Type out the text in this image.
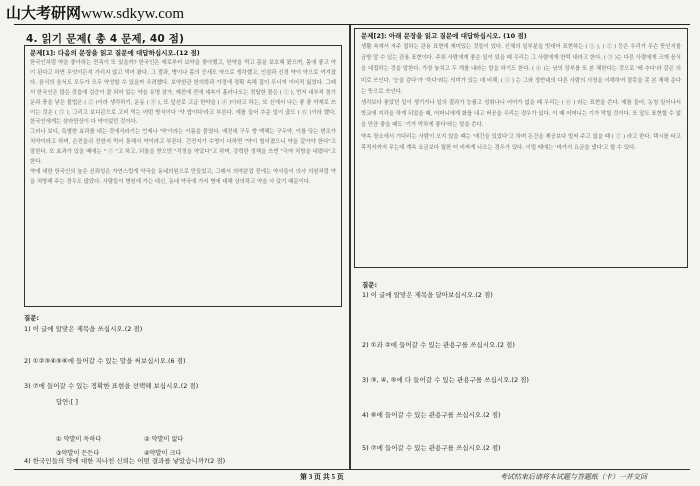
山大考研网www.sdkyw.com
4. 읽기 문제( 총 4 문제, 40 점)
문제[1]: 다음의 문장을 읽고 질문에 대답하십시오.(12 점)

한국인처럼 약을 좋아하는 민족이 또 있을까? 한국인은 예로부터 보약을 좋아했고, 한약을 먹고 몸을 보호해 왔으며, 몸에 좋고 약이 된다고 하면 무엇이든지 가리지 않고 먹어 왔다. 그 결과, 병이나 몸의 증세도 약으로 생각했고, 인삼과 신경 약이 약으로 여겨졌다. 음식의 음식도 모두가 모두 약성할 수 있을까 우려했다. 보약한관 한의학과 가정에 정확 속해 집이 무너져 이어적 잃었다. 그래서 한국인은 많은 것들에 검증이 잘 되어 있는 약을 유명 잠가, 예전에 전에 세속이 흘러나오는 정답한 물은 ( ① ), 먼저 내부적 침기운과 풍을 낳은 불법은 ( ② )이라 생각하기, 운동 ( ③ ), 또 앞선로 고급 한약을 ( ④ )이라고 하는, 또 신에서 나는 좋 좋 약재로 쓰이는 것은 ( ⑤ ), 그리고 보디콘으로 고비 먹는 어떤 방식이다 '약 밥이다'라고 부른다. 예를 들어 추운 일이 춥도 ( ⑥ )이라 했다, 한국인에게는 삼라만상이 다 약이었던 것이다.

그러나 보디, 특별한 효과를 내는 것에서라기는 언제나 '약'이라는 이름을 붙였다. 예전대 구두 향 맥해는 구두약, 이를 닦는 변조가 치약이라고 하며, 손전을쉬 전한저 먹어 통해서 약이라고 부른다. 건전지가 수명이 다하면 "약이 떨어졌으니 약을 갈아야 한다"고 말한다. 또 효과가 있을 때에는 " ⑦ "고 하고, 되돌을 받으면 "걱정을 약았다"고 하며, 강력한 정책을 쓰면 "극약 처방을 내렸다"고 한다.

약에 대한 한국인의 높은 신뢰성은 자연스럽게 약국을 동네의원으로 만들었고, 그래서 의약분업 전에는 약사들이 의사 의원처럼 약을 처방해 주는 경우도 많았다. 사람들이 병원에 가는 대신, 동네 약국에 가서 병에 대해 상의하고 약을 사 갔기 때문이다.

질문:
1) 이 글에 알맞은 제목을 쓰십시오.(2 점)
2) ①②③④⑤⑥에 들어갈 수 있는 말을 써보십시오.(6 점)
3) ⑦에 들어갈 수 있는 정확한 표현을 선택해 보십시오.(2 점)
답안:[ ]
① 약발이 독하다	② 약발이 없다
③약발이 든든다	④약발이 크다
4) 한국인들의 약에 대한 지나친 신뢰는 어떤 결과를 낳았습니까?(2 점)
문제[2]: 아래 문장을 읽고 질문에 대답하십시오. (10 점)

생활 속에서 자주 접하는 관용 표현에 재미있는 것들이 있다. 신체의 일부분을 빗대어 표현하는 ( ① ), ( ② ) 등은 우리가 무슨 뜻인지를 금방 알 수 있는 관용 표현이다. 주위 사람에게 좋은 일이 있을 때 우리는 그 사람에게 한턱 내라고 한다. ( ③ )는 다른 사람에게 크게 음식을 대접하는 것을 말한다. 가장 놓치고 두 개를 내라는 말을 하기도 한다. ( ④ )는 남의 장부를 또 본 체한다는 것으로 '배 추다'라 같은 의미로 쓰인다. '눈을 감다'가 '묵다'라는 의미가 있는 데 비해, ( ⑤ ) 는 그와 정반대의 다른 사람의 사정을 이해하여 잘못을 못 본 체해 준다는 뜻으로 쓰인다.

생각보다 좋았던 일이 생기거나 일의 결과가 능률고 성취나니 어어가 없을 때 우리는 ( ⑥ ) 라는 표현을 쓴다. 예를 들어, 농청 일어나서 학교에 지각을 하게 되었을 때, 어머니에게 화를 내고 버공을 우리는 경우가 있다. 이 때 어머니는 기가 막힐 것이다. 또 앞도 표현할 수 없을 만큼 좋을 때도 '기가 막하게 좋다'라는 말을 쓴다.

약속 장소에서 기다리는 사람이 오지 않을 때는 '애간을 있었다'고 하며 돈건을 제공보다 빌써 주고 없을 때 ( ⑦ ) 라고 한다. 택시를 타고 목적지까지 무는데 계속 요금보다 월한 터 비싸게 나오는 경우가 있다. 이럴 때에는 '바가지 요금을 냈다'고 할 수 있다.

질문:
1) 이 글에 알맞은 제목을 달아보십시오.(2 점)
2) ①과 ②에 들어갈 수 있는 관용구를 쓰십시오.(2 점)
3) ③, ④, ⑤에 다 들어갈 수 있는 관용구를 쓰십시오.(2 점)
4) ⑥에 들어갈 수 있는 관용구를 쓰십시오.(2 점)
5) ⑦에 들어갈 수 있는 관용구를 쓰십시오.(2 점)
第 3 页 共 5 页	考试结束后请将本试题与答题纸（卡）一并交回
